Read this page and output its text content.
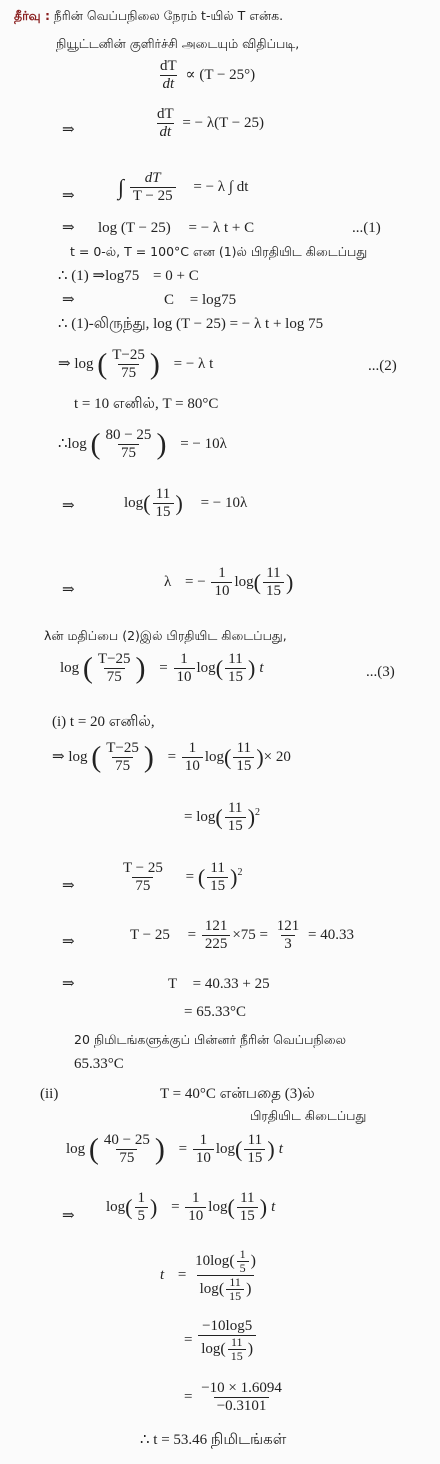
தீர்வு : நீரின் வெப்பநிலை நேரம் t-யில் T என்க.
நியூட்டனின் குளிர்ச்சி அடையும் விதிப்படி,
$\frac{dT}{dt} \propto (T - 25^\circ)$
⇒	$\frac{dT}{dt}$ = − λ(T − 25)
⇒ ∫ $\frac{dT}{T - 25}$ = − λ ∫ dt
⇒ log (T − 25) = − λ t + C	...(1)
t = 0-ல், T = 100°C என (1)ல் பிரதியிட கிடைப்பது
∴ (1) ⇒log75 = 0 + C
⇒	C = log75
∴ (1)-லிருந்து, log (T − 25) = − λ t + log 75
⇒ log ( $\frac{T-25}{75}$ ) = − λ t	...(2)
t = 10 எனில், T = 80°C
∴log ( $\frac{80 - 25}{75}$ ) = − 10λ
⇒	$\log( \frac{11}{15}$ ) = − 10λ
⇒
λ = − $\frac{1}{10} \log( \frac{11}{15}$ )
λன் மதிப்பை (2)இல் பிரதியிட கிடைப்பது,
log ( $\frac{T-25}{75}$ ) = $\frac{1}{10} \log( \frac{11}{15}$ ) t	...(3)
(i) t = 20 எனில்,
⇒ log ( $\frac{T-25}{75}$ ) = $\frac{1}{10} \log( \frac{11}{15}$ )× 20
= $\log( \frac{11}{15} )^2$
⇒	$\frac{T - 25}{75}$ = ( $\frac{11}{15} )^2$
⇒	$T - 25 = \frac{121}{225} \times 75 = \frac{121}{3} = 40.33$
⇒	T = 40.33 + 25
= 65.33°C
20 நிமிடங்களுக்குப் பின்னர் நீரின் வெப்பநிலை
65.33°C
(ii)	T = 40°C என்பதை (3)ல்
பிரதியிட கிடைப்பது
log ( $\frac{40 - 25}{75}$ ) = $\frac{1}{10} \log( \frac{11}{15}$ ) t
⇒
$\log( \frac{1}{5}$ ) = $\frac{1}{10} \log( \frac{11}{15}$ ) t
$t = \frac{10\log( \frac{1}{5} )}{\log( \frac{11}{15} )}$
= $\frac{-10\log 5}{\log( \frac{11}{15} )}$
= $\frac{-10 \times 1.6094}{-0.3101}$
∴ t = 53.46 நிமிடங்கள்
